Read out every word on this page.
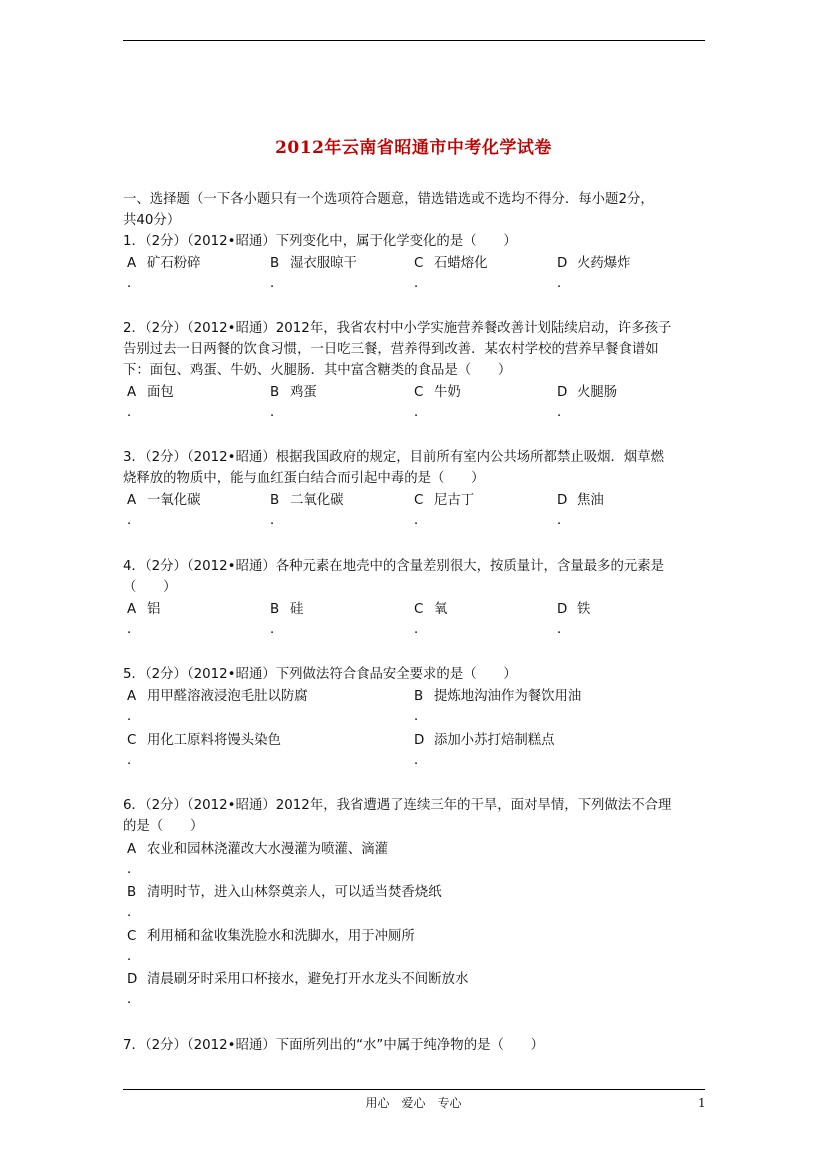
2012年云南省昭通市中考化学试卷
一、选择题（一下各小题只有一个选项符合题意，错选错选或不选均不得分．每小题2分，
共40分）
1．（2分）（2012•昭通）下列变化中，属于化学变化的是（　　）
A 矿石粉碎	B 湿衣服晾干	C 石蜡熔化	D 火药爆炸
．	．	．	．
2．（2分）（2012•昭通）2012年，我省农村中小学实施营养餐改善计划陆续启动，许多孩子
告别过去一日两餐的饮食习惯，一日吃三餐，营养得到改善．某农村学校的营养早餐食谱如
下：面包、鸡蛋、牛奶、火腿肠．其中富含糖类的食品是（　　）
A 面包	B 鸡蛋	C 牛奶	D 火腿肠
．	．	．	．
3．（2分）（2012•昭通）根据我国政府的规定，目前所有室内公共场所都禁止吸烟．烟草燃
烧释放的物质中，能与血红蛋白结合而引起中毒的是（　　）
A 一氧化碳	B 二氧化碳	C 尼古丁	D 焦油
．	．	．	．
4．（2分）（2012•昭通）各种元素在地壳中的含量差别很大，按质量计，含量最多的元素是
（　　）
A 铝	B 硅	C 氧	D 铁
．	．	．	．
5．（2分）（2012•昭通）下列做法符合食品安全要求的是（　　）
A 用甲醛溶液浸泡毛肚以防腐	B 提炼地沟油作为餐饮用油
．	．
C 用化工原料将馒头染色	D 添加小苏打焙制糕点
．	．
6．（2分）（2012•昭通）2012年，我省遭遇了连续三年的干旱，面对旱情，下列做法不合理
的是（　　）
A 农业和园林浇灌改大水漫灌为喷灌、滴灌
．
B 清明时节，进入山林祭奠亲人，可以适当焚香烧纸
．
C 利用桶和盆收集洗脸水和洗脚水，用于冲厕所
．
D 清晨刷牙时采用口杯接水，避免打开水龙头不间断放水
．
7．（2分）（2012•昭通）下面所列出的“水”中属于纯净物的是（　　）
用心　爱心　专心	1
